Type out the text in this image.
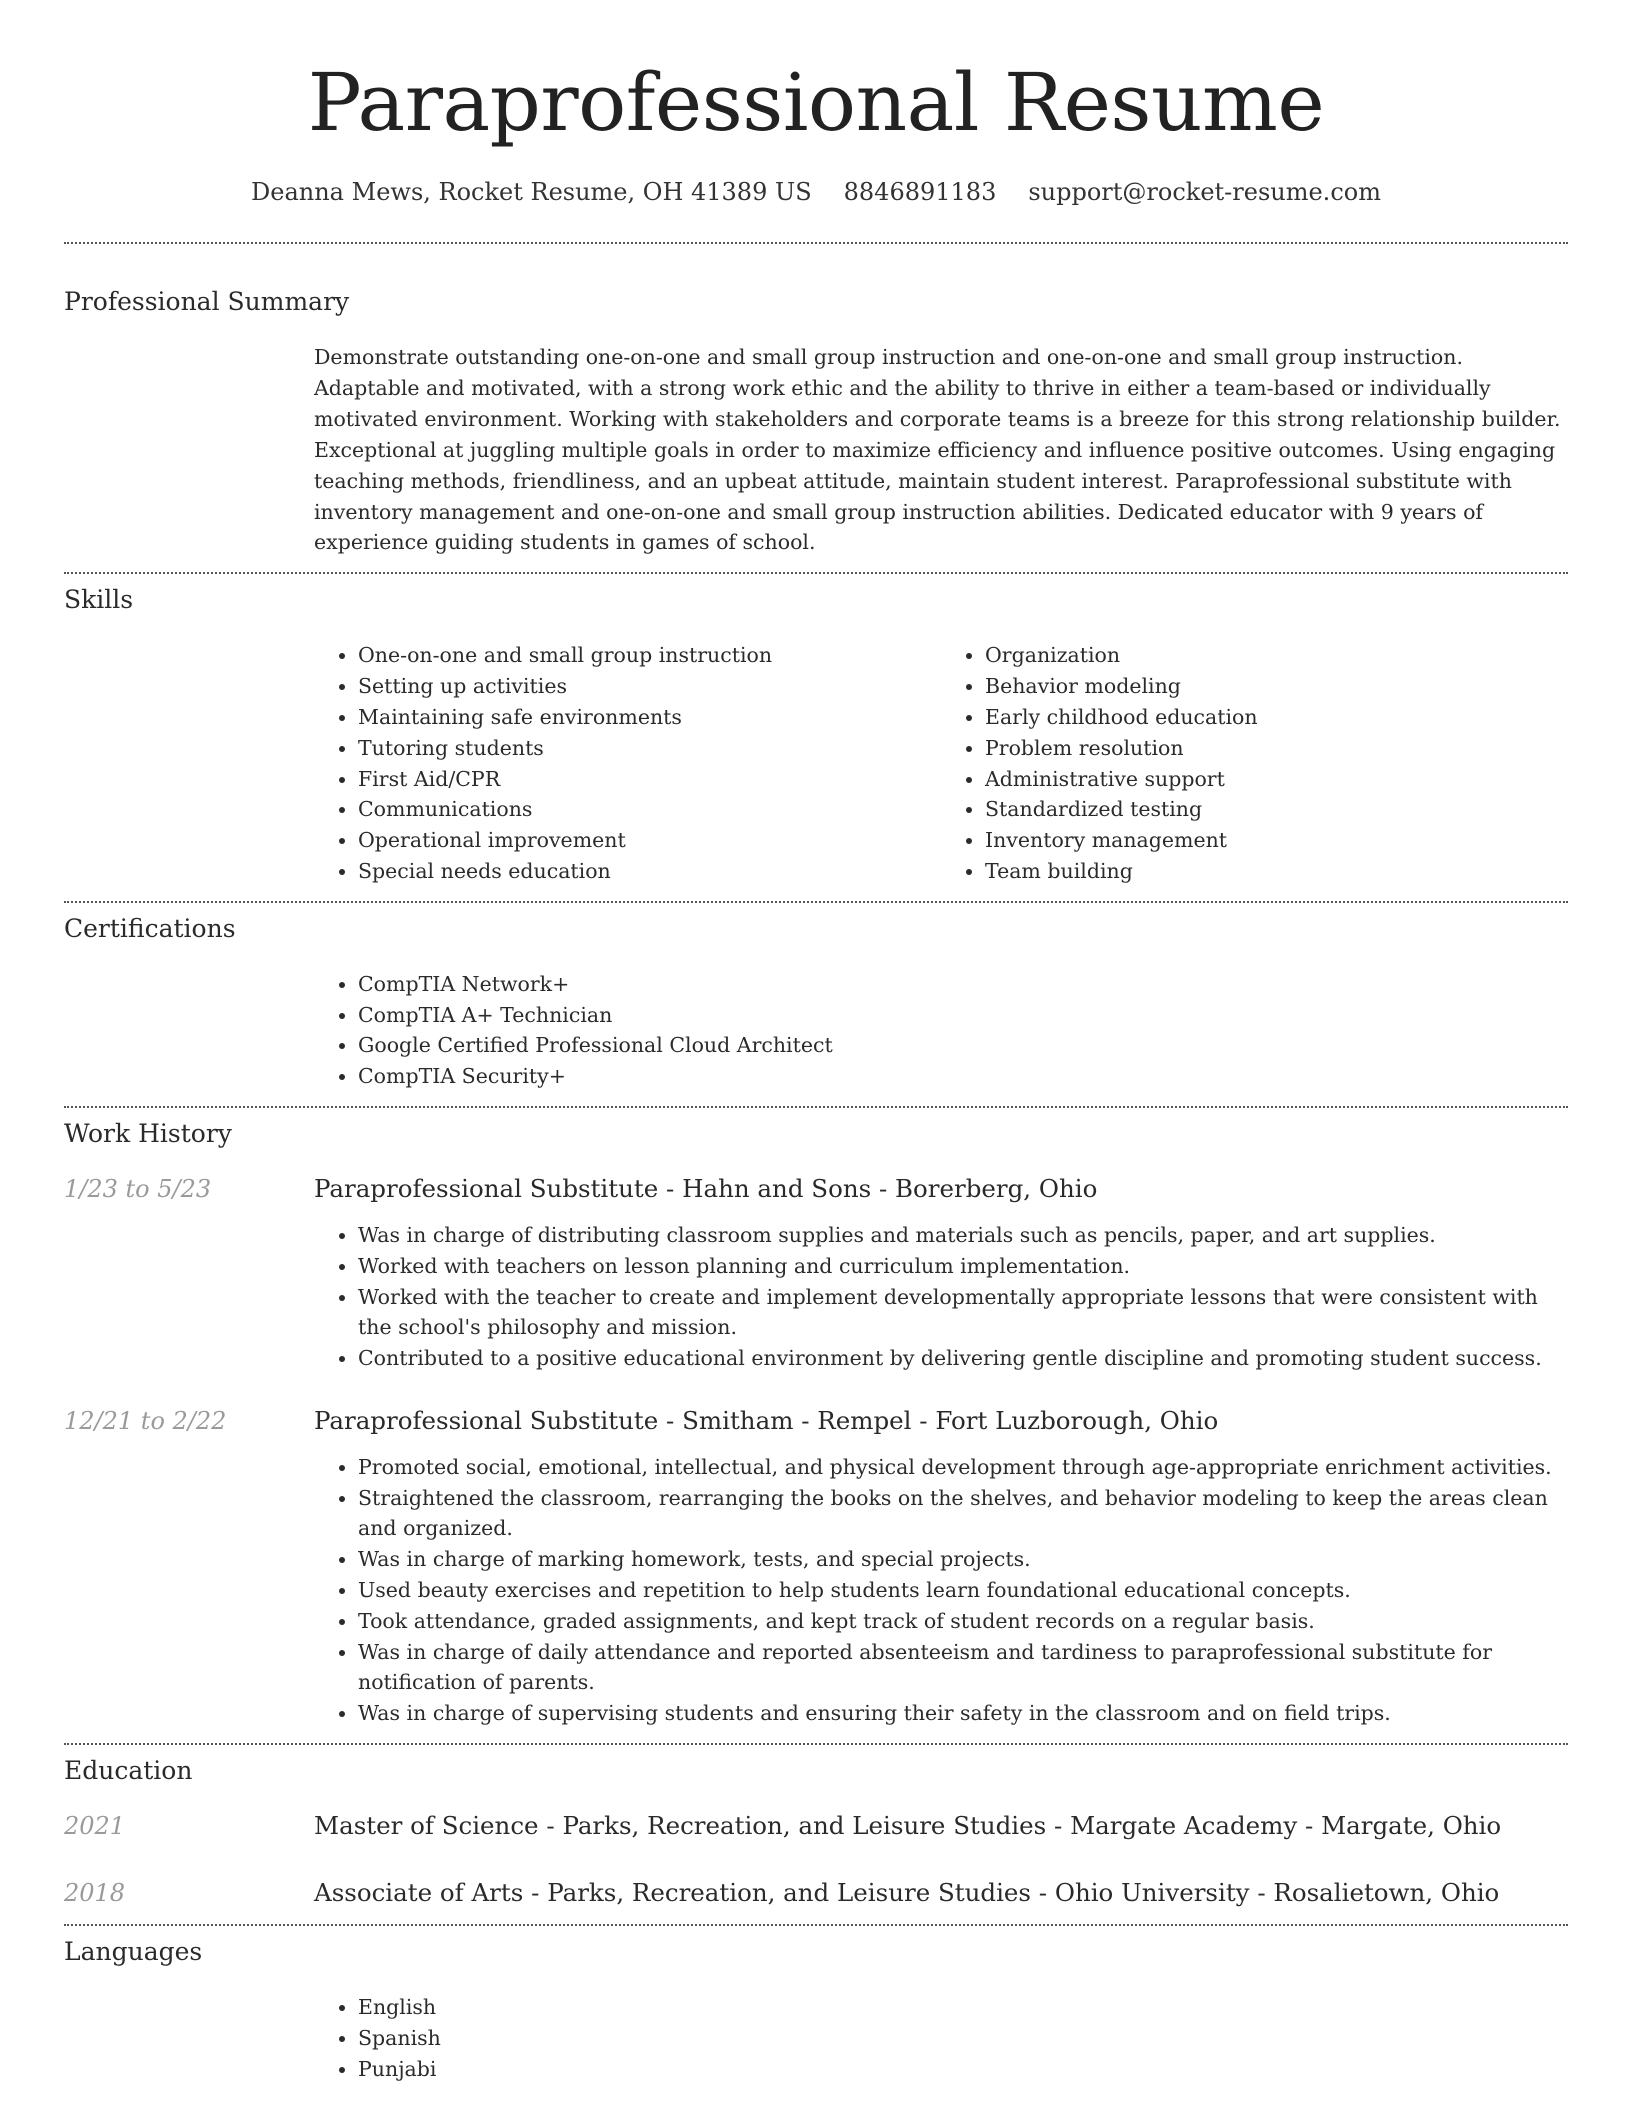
Paraprofessional Resume
Deanna Mews, Rocket Resume, OH 41389 US 8846891183 support@rocket-resume.com
Professional Summary
Demonstrate outstanding one-on-one and small group instruction and one-on-one and small group instruction. Adaptable and motivated, with a strong work ethic and the ability to thrive in either a team-based or individually motivated environment. Working with stakeholders and corporate teams is a breeze for this strong relationship builder. Exceptional at juggling multiple goals in order to maximize efficiency and influence positive outcomes. Using engaging teaching methods, friendliness, and an upbeat attitude, maintain student interest. Paraprofessional substitute with inventory management and one-on-one and small group instruction abilities. Dedicated educator with 9 years of experience guiding students in games of school.
Skills
• One-on-one and small group instruction
• Setting up activities
• Maintaining safe environments
• Tutoring students
• First Aid/CPR
• Communications
• Operational improvement
• Special needs education
• Organization
• Behavior modeling
• Early childhood education
• Problem resolution
• Administrative support
• Standardized testing
• Inventory management
• Team building
Certifications
• CompTIA Network+
• CompTIA A+ Technician
• Google Certified Professional Cloud Architect
• CompTIA Security+
Work History
1/23 to 5/23	Paraprofessional Substitute - Hahn and Sons - Borerberg, Ohio
• Was in charge of distributing classroom supplies and materials such as pencils, paper, and art supplies.
• Worked with teachers on lesson planning and curriculum implementation.
• Worked with the teacher to create and implement developmentally appropriate lessons that were consistent with the school's philosophy and mission.
• Contributed to a positive educational environment by delivering gentle discipline and promoting student success.
12/21 to 2/22	Paraprofessional Substitute - Smitham - Rempel - Fort Luzborough, Ohio
• Promoted social, emotional, intellectual, and physical development through age-appropriate enrichment activities.
• Straightened the classroom, rearranging the books on the shelves, and behavior modeling to keep the areas clean and organized.
• Was in charge of marking homework, tests, and special projects.
• Used beauty exercises and repetition to help students learn foundational educational concepts.
• Took attendance, graded assignments, and kept track of student records on a regular basis.
• Was in charge of daily attendance and reported absenteeism and tardiness to paraprofessional substitute for notification of parents.
• Was in charge of supervising students and ensuring their safety in the classroom and on field trips.
Education
2021	Master of Science - Parks, Recreation, and Leisure Studies - Margate Academy - Margate, Ohio
2018	Associate of Arts - Parks, Recreation, and Leisure Studies - Ohio University - Rosalietown, Ohio
Languages
• English
• Spanish
• Punjabi
